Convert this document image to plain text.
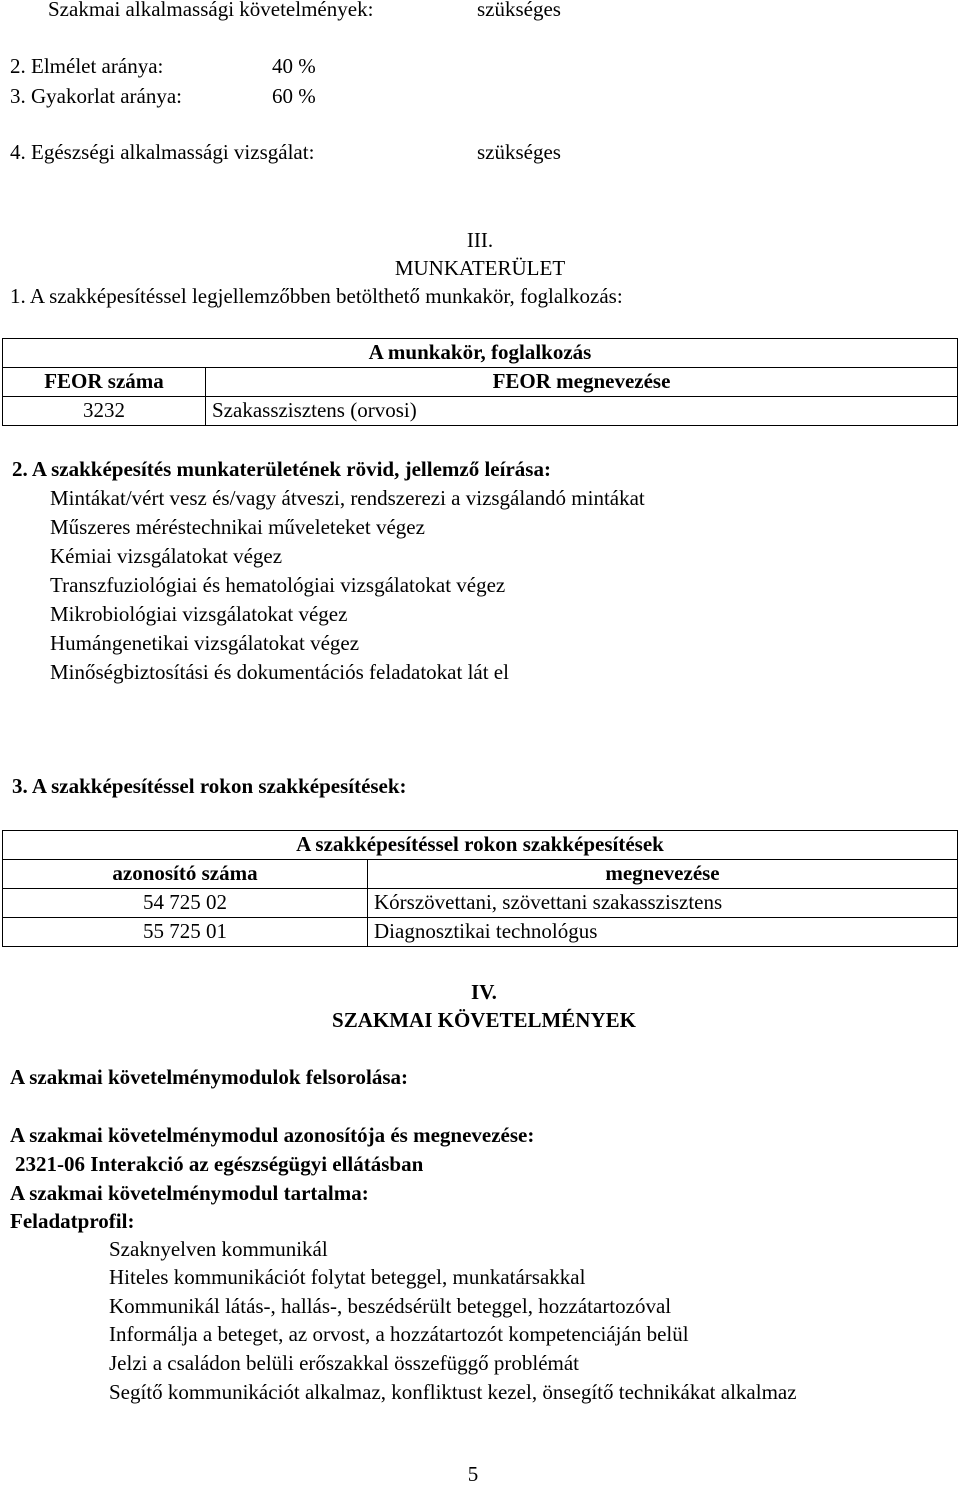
Szakmai alkalmassági követelmények:	szükséges
2. Elmélet aránya:	40 %
3. Gyakorlat aránya:	60 %
4. Egészségi alkalmassági vizsgálat:	szükséges
III.
MUNKATERÜLET
1. A szakképesítéssel legjellemzőbben betölthető munkakör, foglalkozás:
A munkakör, foglalkozás	
FEOR száma	FEOR megnevezése
3232	Szakasszisztens (orvosi)
2. A szakképesítés munkaterületének rövid, jellemző leírása:
Mintákat/vért vesz és/vagy átveszi, rendszerezi a vizsgálandó mintákat
Műszeres méréstechnikai műveleteket végez
Kémiai vizsgálatokat végez
Transzfuziológiai és hematológiai vizsgálatokat végez
Mikrobiológiai vizsgálatokat végez
Humángenetikai vizsgálatokat végez
Minőségbiztosítási és dokumentációs feladatokat lát el
3. A szakképesítéssel rokon szakképesítések:
A szakképesítéssel rokon szakképesítések	
azonosító száma	megnevezése
54 725 02	Kórszövettani, szövettani szakasszisztens
55 725 01	Diagnosztikai technológus
IV.
SZAKMAI KÖVETELMÉNYEK
A szakmai követelménymodulok felsorolása:
A szakmai követelménymodul azonosítója és megnevezése:
2321-06 Interakció az egészségügyi ellátásban
A szakmai követelménymodul tartalma:
Feladatprofil:
Szaknyelven kommunikál
Hiteles kommunikációt folytat beteggel, munkatársakkal
Kommunikál látás-, hallás-, beszédsérült beteggel, hozzátartozóval
Informálja a beteget, az orvost, a hozzátartozót kompetenciáján belül
Jelzi a családon belüli erőszakkal összefüggő problémát
Segítő kommunikációt alkalmaz, konfliktust kezel, önsegítő technikákat alkalmaz
5
